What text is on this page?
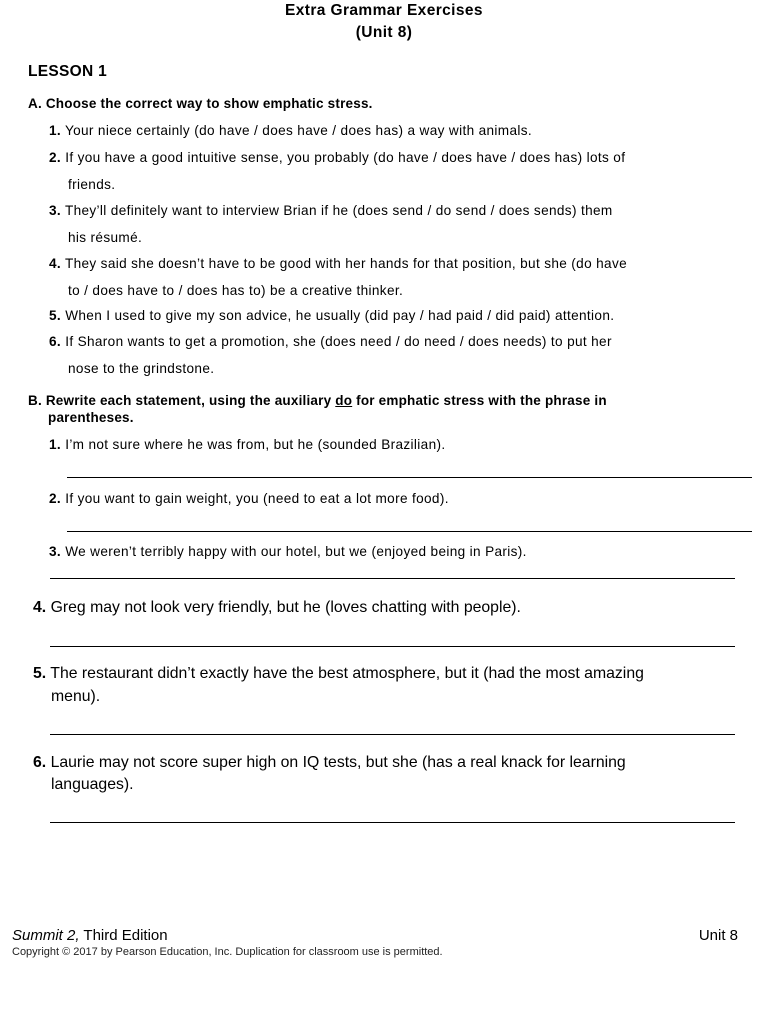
Extra Grammar Exercises
(Unit 8)
LESSON 1
A. Choose the correct way to show emphatic stress.
1. Your niece certainly (do have / does have / does has) a way with animals.
2. If you have a good intuitive sense, you probably (do have / does have / does has) lots of
friends.
3. They’ll definitely want to interview Brian if he (does send / do send / does sends) them
his résumé.
4. They said she doesn’t have to be good with her hands for that position, but she (do have
to / does have to / does has to) be a creative thinker.
5. When I used to give my son advice, he usually (did pay / had paid / did paid) attention.
6. If Sharon wants to get a promotion, she (does need / do need / does needs) to put her
nose to the grindstone.
B. Rewrite each statement, using the auxiliary do for emphatic stress with the phrase in
parentheses.
1. I’m not sure where he was from, but he (sounded Brazilian).
2. If you want to gain weight, you (need to eat a lot more food).
3. We weren’t terribly happy with our hotel, but we (enjoyed being in Paris).
4. Greg may not look very friendly, but he (loves chatting with people).
5. The restaurant didn’t exactly have the best atmosphere, but it (had the most amazing
menu).
6. Laurie may not score super high on IQ tests, but she (has a real knack for learning
languages).
Summit 2, Third Edition
Copyright © 2017 by Pearson Education, Inc. Duplication for classroom use is permitted.
Unit 8
